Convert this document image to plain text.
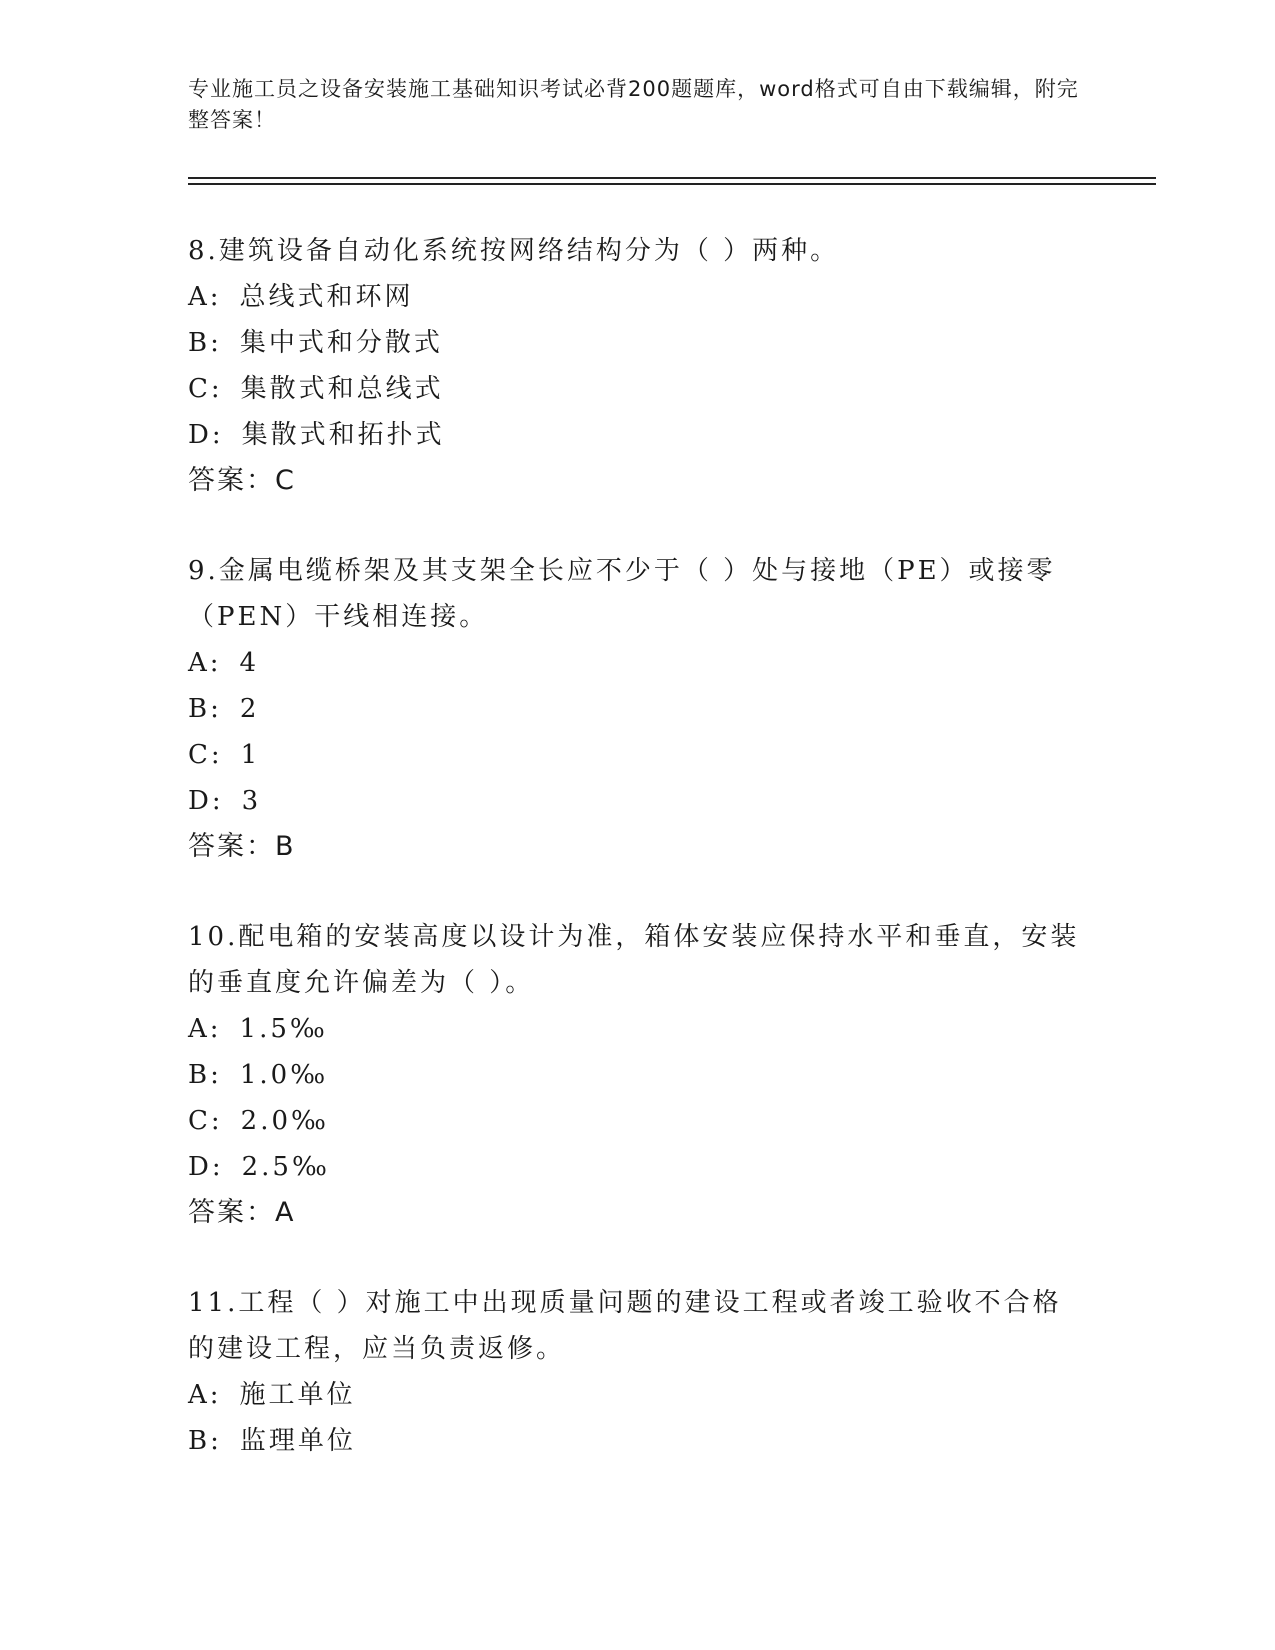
专业施工员之设备安装施工基础知识考试必背200题题库，word格式可自由下载编辑，附完整答案！
8.建筑设备自动化系统按网络结构分为（ ）两种。
A: 总线式和环网
B: 集中式和分散式
C: 集散式和总线式
D: 集散式和拓扑式
答案：C
9.金属电缆桥架及其支架全长应不少于（ ）处与接地（PE）或接零（PEN）干线相连接。
A: 4
B: 2
C: 1
D: 3
答案：B
10.配电箱的安装高度以设计为准，箱体安装应保持水平和垂直，安装的垂直度允许偏差为（ ）。
A: 1.5‰
B: 1.0‰
C: 2.0‰
D: 2.5‰
答案：A
11.工程（ ）对施工中出现质量问题的建设工程或者竣工验收不合格的建设工程，应当负责返修。
A: 施工单位
B: 监理单位
